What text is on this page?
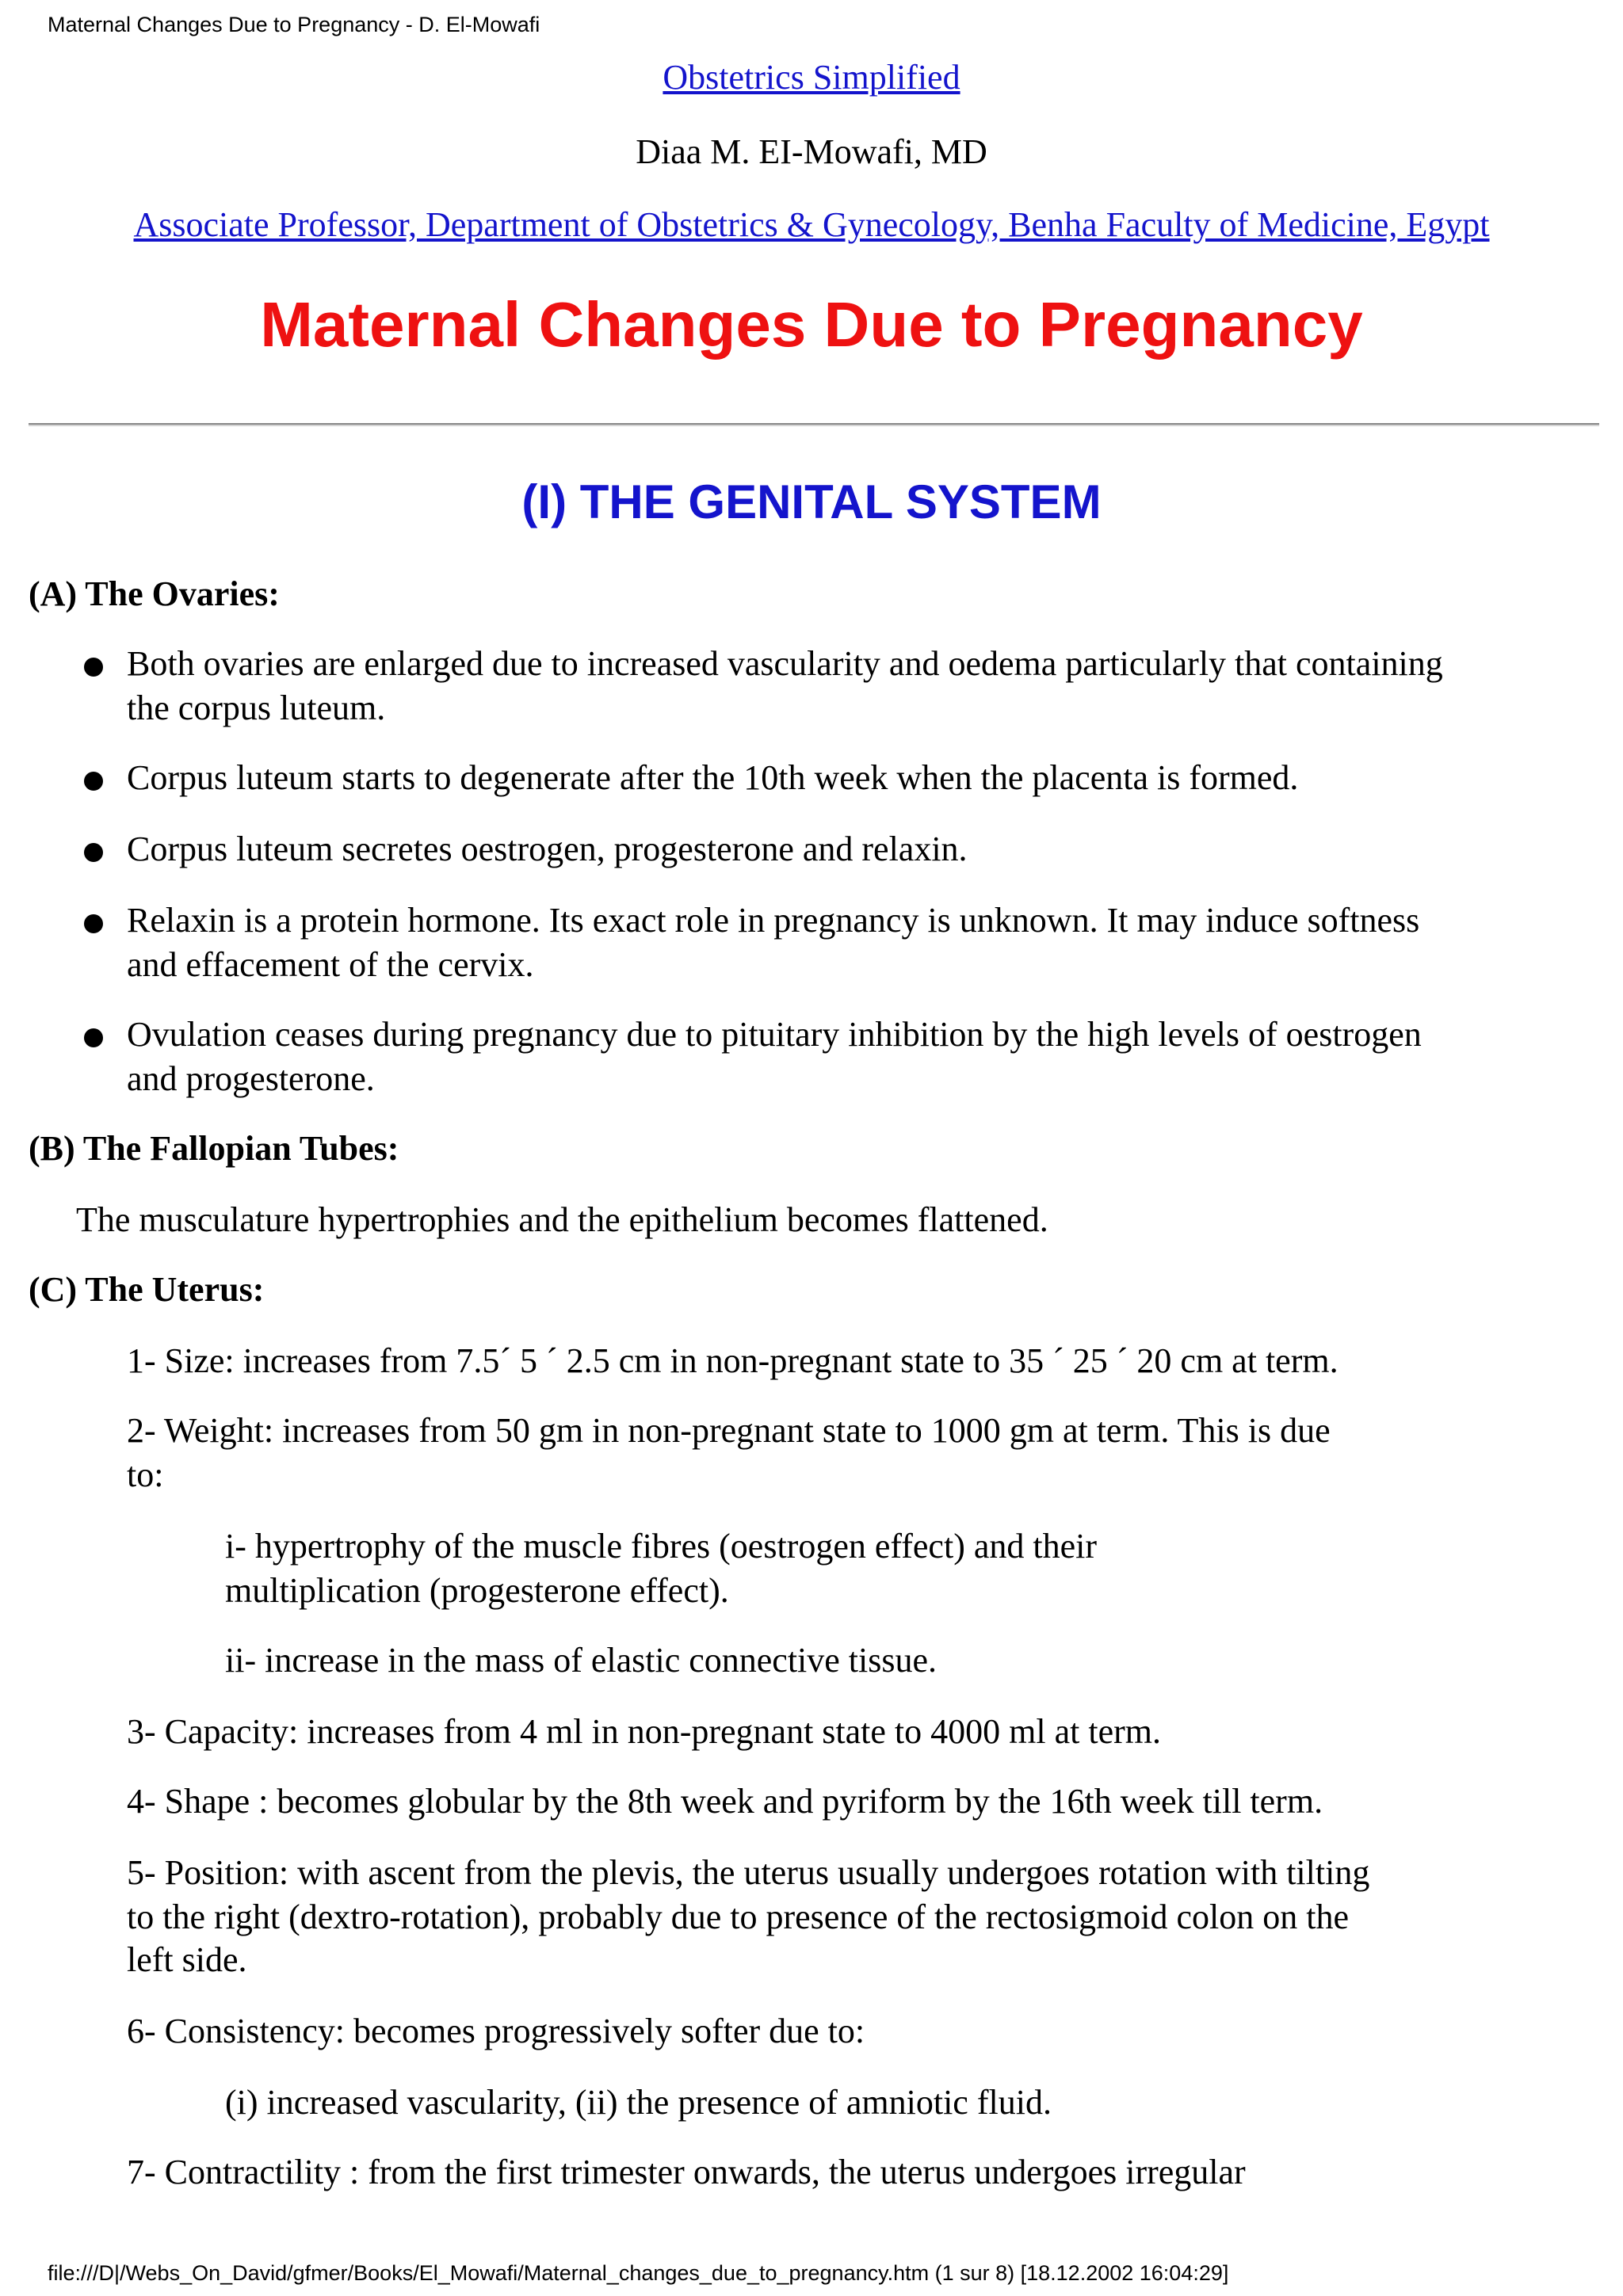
Maternal Changes Due to Pregnancy - D. El-Mowafi
Obstetrics Simplified
Diaa M. EI-Mowafi, MD
Associate Professor, Department of Obstetrics & Gynecology, Benha Faculty of Medicine, Egypt
Maternal Changes Due to Pregnancy
(I) THE GENITAL SYSTEM
(A) The Ovaries:
Both ovaries are enlarged due to increased vascularity and oedema particularly that containing
the corpus luteum.
Corpus luteum starts to degenerate after the 10th week when the placenta is formed.
Corpus luteum secretes oestrogen, progesterone and relaxin.
Relaxin is a protein hormone. Its exact role in pregnancy is unknown. It may induce softness
and effacement of the cervix.
Ovulation ceases during pregnancy due to pituitary inhibition by the high levels of oestrogen
and progesterone.
(B) The Fallopian Tubes:
The musculature hypertrophies and the epithelium becomes flattened.
(C) The Uterus:
1- Size: increases from 7.5´ 5 ´ 2.5 cm in non-pregnant state to 35 ´ 25 ´ 20 cm at term.
2- Weight: increases from 50 gm in non-pregnant state to 1000 gm at term. This is due
to:
i- hypertrophy of the muscle fibres (oestrogen effect) and their
multiplication (progesterone effect).
ii- increase in the mass of elastic connective tissue.
3- Capacity: increases from 4 ml in non-pregnant state to 4000 ml at term.
4- Shape : becomes globular by the 8th week and pyriform by the 16th week till term.
5- Position: with ascent from the plevis, the uterus usually undergoes rotation with tilting
to the right (dextro-rotation), probably due to presence of the rectosigmoid colon on the
left side.
6- Consistency: becomes progressively softer due to:
(i) increased vascularity, (ii) the presence of amniotic fluid.
7- Contractility : from the first trimester onwards, the uterus undergoes irregular
file:///D|/Webs_On_David/gfmer/Books/El_Mowafi/Maternal_changes_due_to_pregnancy.htm (1 sur 8) [18.12.2002 16:04:29]
